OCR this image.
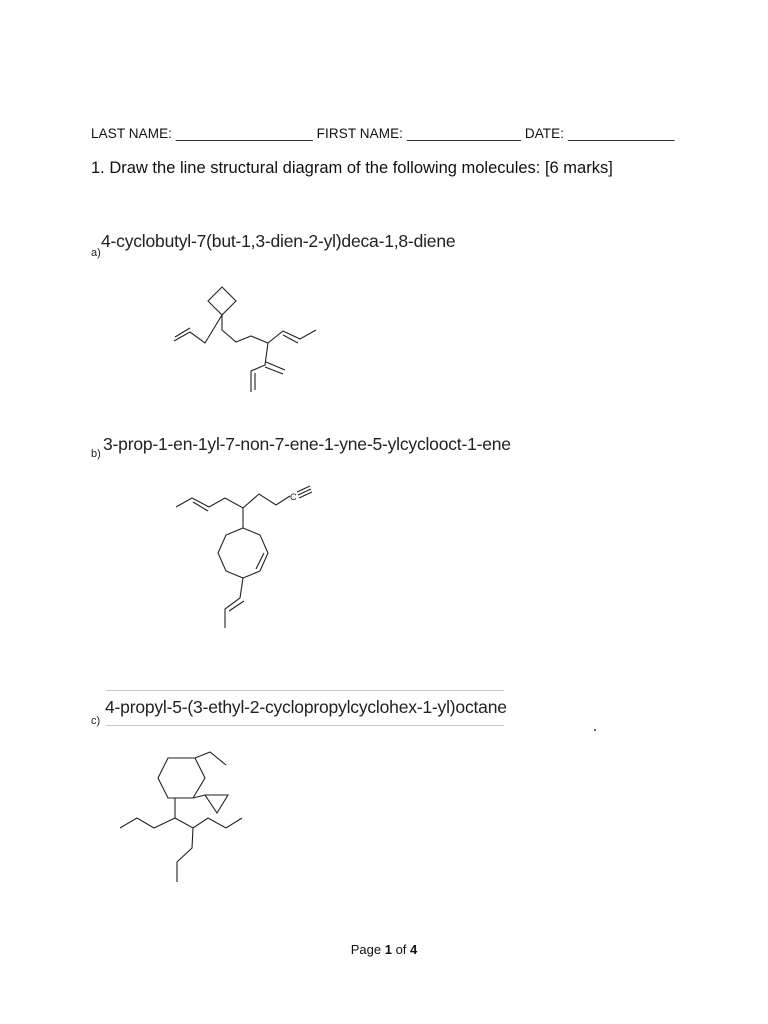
LAST NAME: __________________ FIRST NAME: _______________ DATE: ______________
1. Draw the line structural diagram of the following molecules: [6 marks]
a)
4-cyclobutyl-7(but-1,3-dien-2-yl)deca-1,8-diene
b) 3-prop-1-en-1yl-7-non-7-ene-1-yne-5-ylcyclooct-1-ene
C
c)
4-propyl-5-(3-ethyl-2-cyclopropylcyclohex-1-yl)octane
Page 1 of 4
